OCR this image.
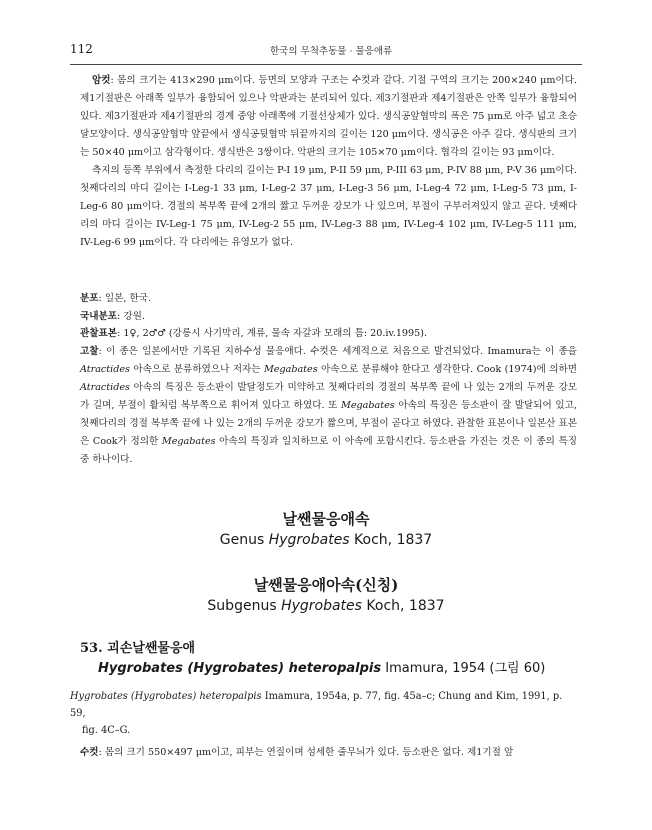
112	한국의 무척추동물 · 물응애류

암컷: 몸의 크기는 413×290 μm이다. 등면의 모양과 구조는 수컷과 같다. 기절 구역의 크기는 200×240 μm이다. 제1기절판은 아래쪽 일부가 융합되어 있으나 악판과는 분리되어 있다. 제3기절판과 제4기절판은 안쪽 일부가 융합되어 있다. 제3기절판과 제4기절판의 경계 중앙 아래쪽에 기절선상체가 있다. 생식공앞협막의 폭은 75 μm로 아주 넓고 초승달모양이다. 생식공앞협막 앞끝에서 생식공뒷협막 뒤끝까지의 길이는 120 μm이다. 생식공은 아주 길다. 생식판의 크기는 50×40 μm이고 삼각형이다. 생식반은 3쌍이다. 악판의 크기는 105×70 μm이다. 협각의 길이는 93 μm이다.

측지의 등쪽 부위에서 측정한 다리의 길이는 P-I 19 μm, P-II 59 μm, P-III 63 μm, P-IV 88 μm, P-V 36 μm이다. 첫째다리의 마디 길이는 I-Leg-1 33 μm, I-Leg-2 37 μm, I-Leg-3 56 μm, I-Leg-4 72 μm, I-Leg-5 73 μm, I-Leg-6 80 μm이다. 경절의 복부쪽 끝에 2개의 짧고 두꺼운 강모가 나 있으며, 부절이 구부러져있지 않고 곧다. 넷째다리의 마디 길이는 IV-Leg-1 75 μm, IV-Leg-2 55 μm, IV-Leg-3 88 μm, IV-Leg-4 102 μm, IV-Leg-5 111 μm, IV-Leg-6 99 μm이다. 각 다리에는 유영모가 없다.

분포: 일본, 한국.

국내분포: 강원.

관찰표본: 1♀, 2♂♂ (강릉시 사기막리, 계류, 물속 자갈과 모래의 틈: 20.iv.1995).

고찰: 이 종은 일본에서만 기록된 지하수성 물응애다. 수컷은 세계적으로 처음으로 발견되었다. Imamura는 이 종을 Atractides 아속으로 분류하였으나 저자는 Megabates 아속으로 분류해야 한다고 생각한다. Cook (1974)에 의하면 Atractides 아속의 특징은 등소판이 발달정도가 미약하고 첫째다리의 경절의 복부쪽 끝에 나 있는 2개의 두꺼운 강모가 길며, 부절이 활처럼 복부쪽으로 휘어져 있다고 하였다. 또 Megabates 아속의 특징은 등소판이 잘 발달되어 있고, 첫째다리의 경절 복부쪽 끝에 나 있는 2개의 두꺼운 강모가 짧으며, 부절이 곧다고 하였다. 관찰한 표본이나 일본산 표본은 Cook가 정의한 Megabates 아속의 특징과 일치하므로 이 아속에 포함시킨다. 등소판을 가진는 것은 이 종의 특징 중 하나이다.

날쌘물응애속
Genus Hygrobates Koch, 1837
날쌘물응애아속(신칭)
Subgenus Hygrobates Koch, 1837
53. 괴손날쌘물응애
Hygrobates (Hygrobates) heteropalpis Imamura, 1954 (그림 60)
Hygrobates (Hygrobates) heteropalpis Imamura, 1954a, p. 77, fig. 45a–c; Chung and Kim, 1991, p. 59,
fig. 4C–G.
수컷: 몸의 크기 550×497 μm이고, 피부는 연질이며 섬세한 줄무늬가 있다. 등소판은 없다. 제1기절 앞
